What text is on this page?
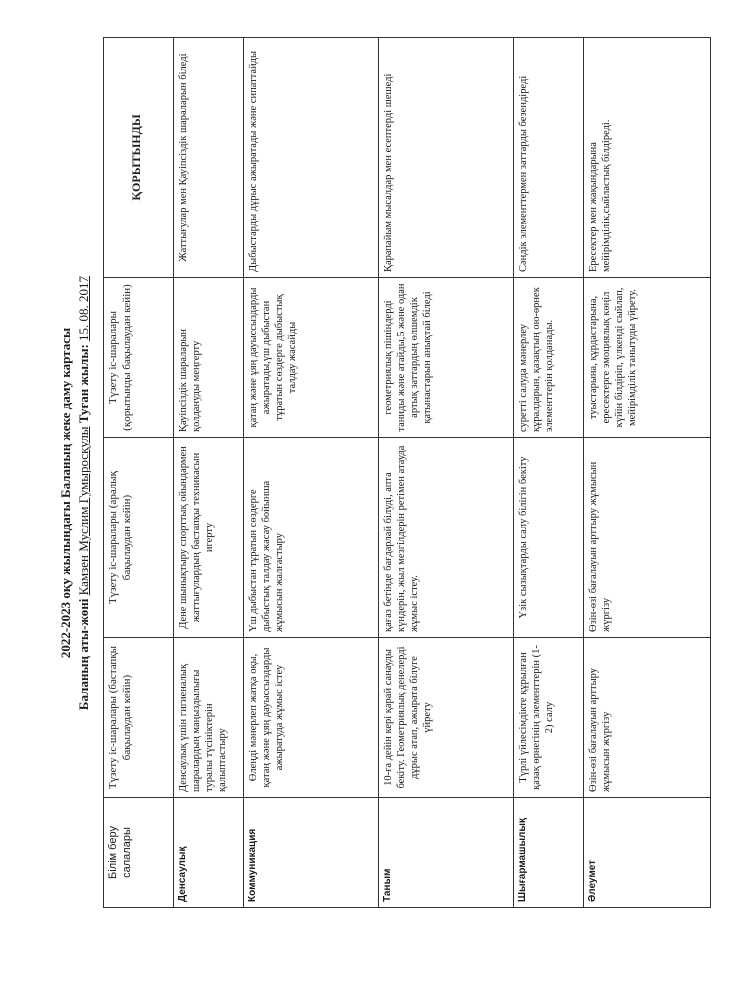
2022-2023 оқу жылындағы Баланың жеке даму картасы Баланың аты-жөні Камзен Муслим Гумыросқулы Туған жылы: 15. 08. 2017
Білім беру салалары	Түзету іс-шаралары (бастапқы бақылаудан кейін)	Түзету іс-шаралары (аралық бақылаудан кейін)	Түзету іс-шаралары (қорытынды бақылаудан кейін)	ҚОРЫТЫНДЫ
Денсаулық	Денсаулық үшін гигиеналық шаралардың маңыздылығы туралы түсініктерін қалыптастыру	Дене шынықтыру спорттық ойындармен жаттығулардың бастапқы техникасын игерту	Қауіпсіздік шараларын қолдануды меңгерту	Жаттығулар мен Қауіпсіздік шараларын біледі
Коммуникация	Өлеңді мәнерлеп жатқа оқы, қатаң және ұяң дауыссыздарды ажыратуда жұмыс істеу	Үш дыбыстан тұратын сөздерге дыбыстық талдау жасау бойынша жұмысын жалғастыру	қатаң және ұяң дауыссыздарды ажыратады,үш дыбыстан тұратын сөздерге дыбыстық талдау жасайды	Дыбыстарды дұрыс ажыратады және сипаттайды
Таным	10-ға дейін кері қарай санауды бекіту. Геометриялық денелерді дұрыс атап, ажырата білуге үйрету	қағаз бетінде бағдарлай білуді, апта күндерін, жыл мезгілдерін ретімен атауда жұмыс істеу.	геометриялық пішіндерді таниды және атайды,5 және одан артық заттардың өлшемдік қатынастарын анықтай біледі	Қарапайым мысалдар мен есептерді шешеді
Шығармашылық	Түрлі үйлесімдікте құрылған қазақ өрнегінің элементтерін (1-2) салу	Үзік сызықтарды салу білігін бекіту	суретті салуда мәнерлеу құралдарын, қазақтың ою-өрнек элементтерін қолданады.	Сәндік элементтермен заттарды безендіреді
Әлеумет	Өзін-өзі бағалауын арттыру жұмысын жүргізу	Өзін-өзі бағалауын арттыру жұмысын жүргізу	туыстарына, құрдастарына, ересектерге эмоциялық көңіл күйін білдіріп, үлкенді сыйлап, мейірімділік танытуды үйрету.	Ересектер мен жақындарына мейірімділік,сыйластық білдіреді.
